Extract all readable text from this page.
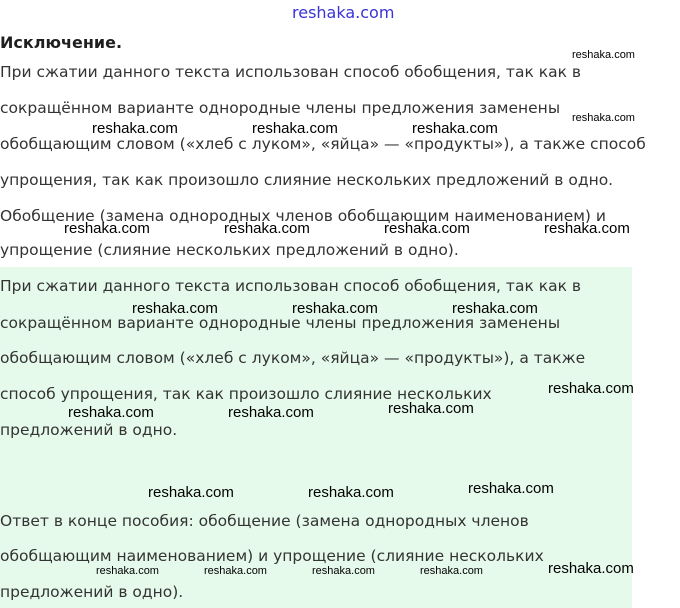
reshaka.com
Исключение.
При сжатии данного текста использован способ обобщения, так как в
сокращённом варианте однородные члены предложения заменены
обобщающим словом («хлеб с луком», «яйца» — «продукты»), а также способ
упрощения, так как произошло слияние нескольких предложений в одно.
Обобщение (замена однородных членов обобщающим наименованием) и
упрощение (слияние нескольких предложений в одно).
При сжатии данного текста использован способ обобщения, так как в
сокращённом варианте однородные члены предложения заменены
обобщающим словом («хлеб с луком», «яйца» — «продукты»), а также
способ упрощения, так как произошло слияние нескольких
предложений в одно.
Ответ в конце пособия: обобщение (замена однородных членов
обобщающим наименованием) и упрощение (слияние нескольких
предложений в одно).
reshaka.com
reshaka.com
reshaka.com	reshaka.com	reshaka.com
reshaka.com	reshaka.com	reshaka.com	reshaka.com
reshaka.com	reshaka.com	reshaka.com
reshaka.com
reshaka.com	reshaka.com	reshaka.com
reshaka.com	reshaka.com	reshaka.com
reshaka.com	reshaka.com	reshaka.com	reshaka.com	reshaka.com
